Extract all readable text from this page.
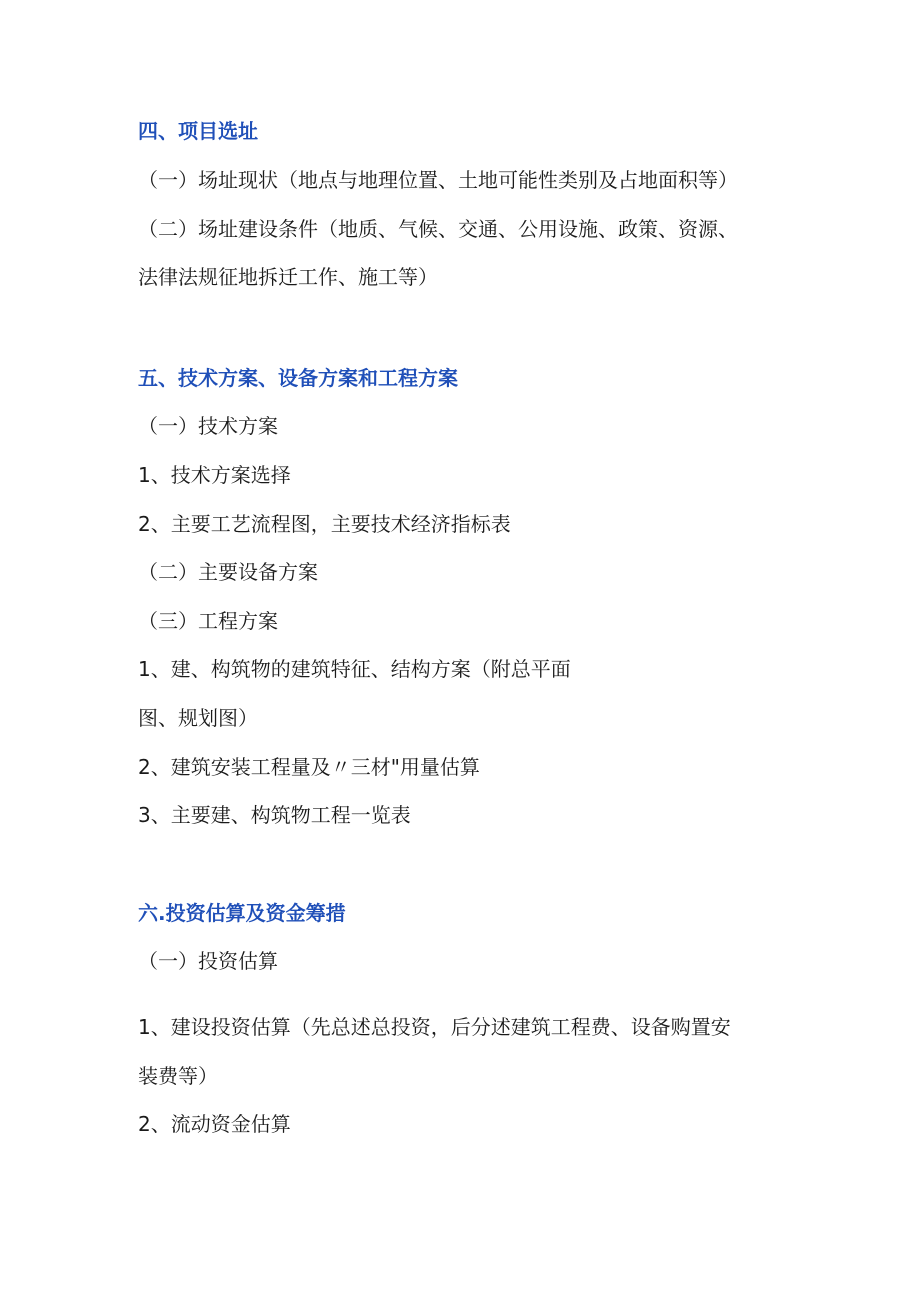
四、项目选址
（一）场址现状（地点与地理位置、土地可能性类别及占地面积等）
（二）场址建设条件（地质、气候、交通、公用设施、政策、资源、
法律法规征地拆迁工作、施工等）
五、技术方案、设备方案和工程方案
（一）技术方案
1、技术方案选择
2、主要工艺流程图，主要技术经济指标表
（二）主要设备方案
（三）工程方案
1、建、构筑物的建筑特征、结构方案（附总平面
图、规划图）
2、建筑安装工程量及〃三材"用量估算
3、主要建、构筑物工程一览表
六.投资估算及资金筹措
（一）投资估算
1、建设投资估算（先总述总投资，后分述建筑工程费、设备购置安
装费等）
2、流动资金估算
